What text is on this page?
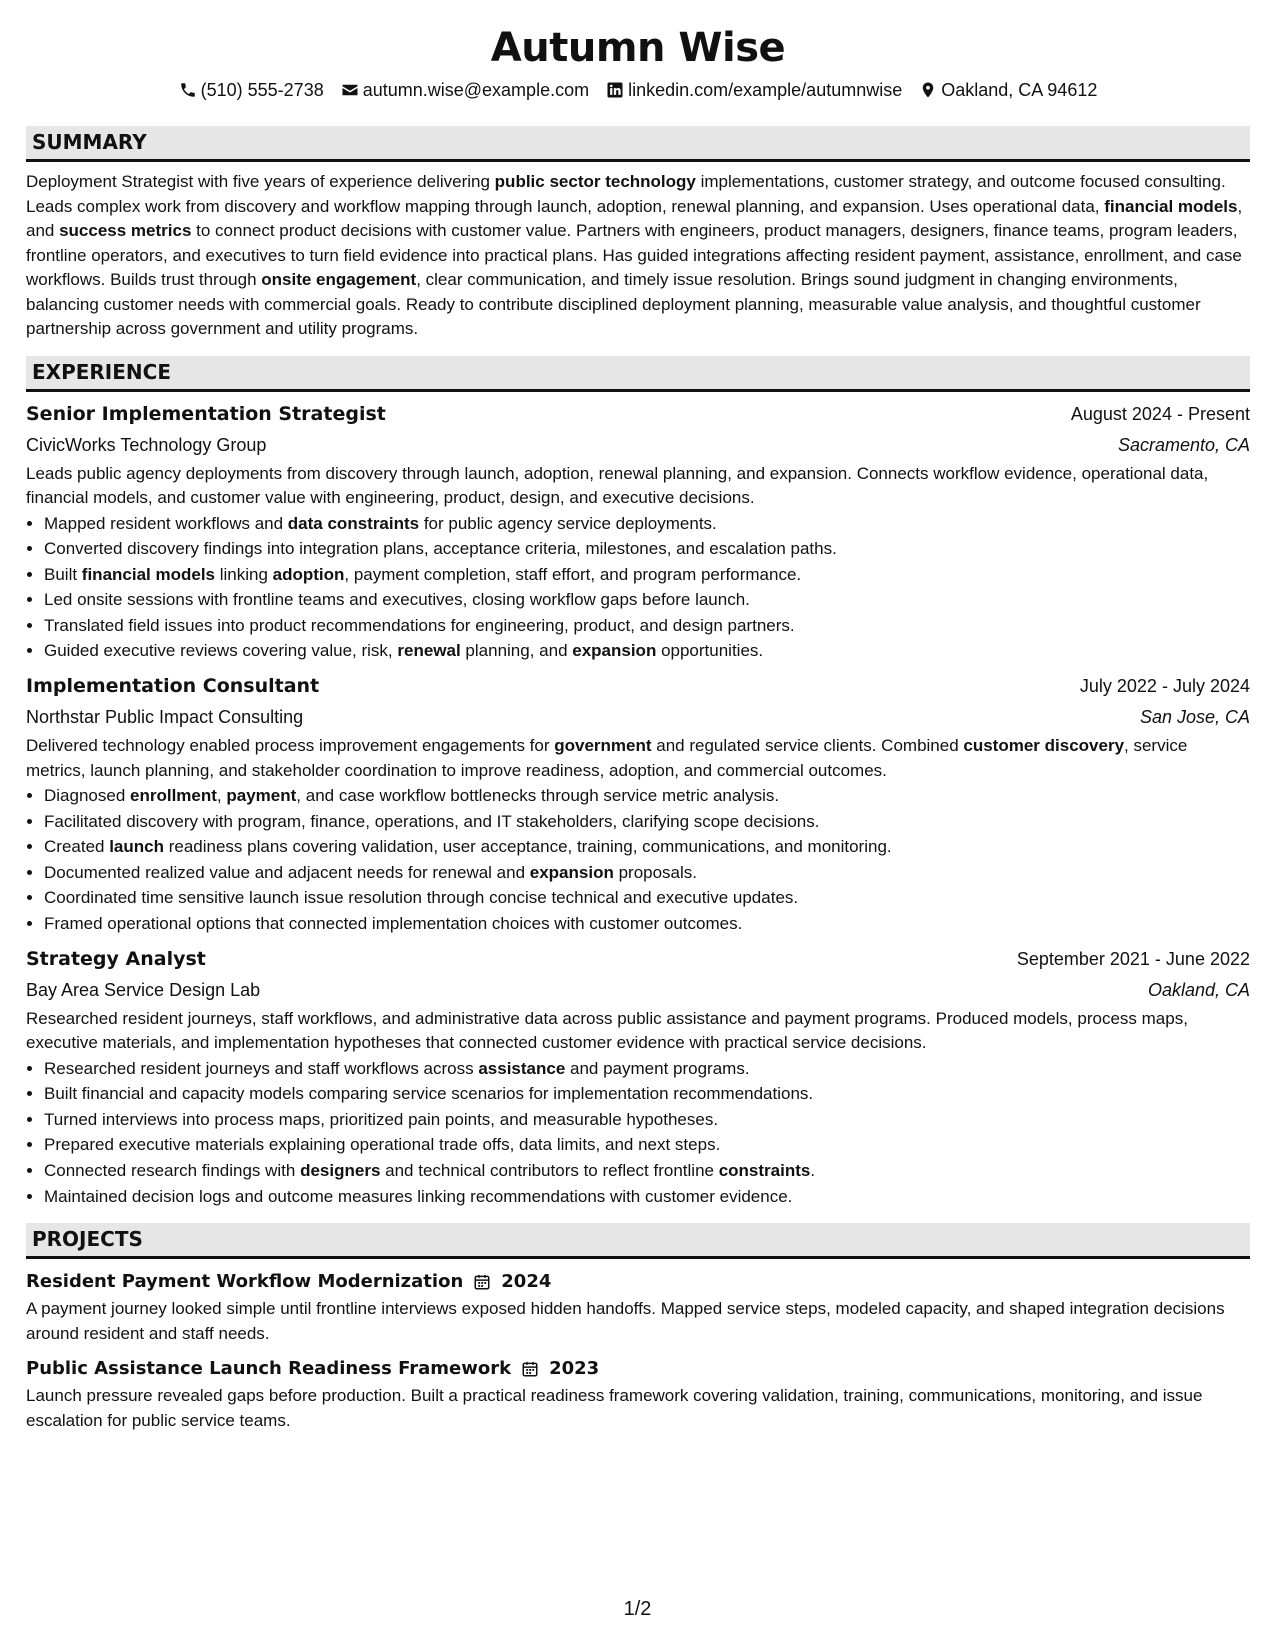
Autumn Wise
(510) 555-2738 autumn.wise@example.com linkedin.com/example/autumnwise Oakland, CA 94612
SUMMARY

Deployment Strategist with five years of experience delivering public sector technology implementations, customer strategy, and outcome focused consulting. Leads complex work from discovery and workflow mapping through launch, adoption, renewal planning, and expansion. Uses operational data, financial models, and success metrics to connect product decisions with customer value. Partners with engineers, product managers, designers, finance teams, program leaders, frontline operators, and executives to turn field evidence into practical plans. Has guided integrations affecting resident payment, assistance, enrollment, and case workflows. Builds trust through onsite engagement, clear communication, and timely issue resolution. Brings sound judgment in changing environments, balancing customer needs with commercial goals. Ready to contribute disciplined deployment planning, measurable value analysis, and thoughtful customer partnership across government and utility programs.

EXPERIENCE
Senior Implementation Strategist	August 2024 - Present
CivicWorks Technology Group	Sacramento, CA

Leads public agency deployments from discovery through launch, adoption, renewal planning, and expansion. Connects workflow evidence, operational data, financial models, and customer value with engineering, product, design, and executive decisions.

• Mapped resident workflows and data constraints for public agency service deployments.
• Converted discovery findings into integration plans, acceptance criteria, milestones, and escalation paths.
• Built financial models linking adoption, payment completion, staff effort, and program performance.
• Led onsite sessions with frontline teams and executives, closing workflow gaps before launch.
• Translated field issues into product recommendations for engineering, product, and design partners.
• Guided executive reviews covering value, risk, renewal planning, and expansion opportunities.
Implementation Consultant	July 2022 - July 2024
Northstar Public Impact Consulting	San Jose, CA

Delivered technology enabled process improvement engagements for government and regulated service clients. Combined customer discovery, service metrics, launch planning, and stakeholder coordination to improve readiness, adoption, and commercial outcomes.

• Diagnosed enrollment, payment, and case workflow bottlenecks through service metric analysis.
• Facilitated discovery with program, finance, operations, and IT stakeholders, clarifying scope decisions.
• Created launch readiness plans covering validation, user acceptance, training, communications, and monitoring.
• Documented realized value and adjacent needs for renewal and expansion proposals.
• Coordinated time sensitive launch issue resolution through concise technical and executive updates.
• Framed operational options that connected implementation choices with customer outcomes.
Strategy Analyst	September 2021 - June 2022
Bay Area Service Design Lab	Oakland, CA

Researched resident journeys, staff workflows, and administrative data across public assistance and payment programs. Produced models, process maps, executive materials, and implementation hypotheses that connected customer evidence with practical service decisions.

• Researched resident journeys and staff workflows across assistance and payment programs.
• Built financial and capacity models comparing service scenarios for implementation recommendations.
• Turned interviews into process maps, prioritized pain points, and measurable hypotheses.
• Prepared executive materials explaining operational trade offs, data limits, and next steps.
• Connected research findings with designers and technical contributors to reflect frontline constraints.
• Maintained decision logs and outcome measures linking recommendations with customer evidence.
PROJECTS
Resident Payment Workflow Modernization 2024

A payment journey looked simple until frontline interviews exposed hidden handoffs. Mapped service steps, modeled capacity, and shaped integration decisions around resident and staff needs.

Public Assistance Launch Readiness Framework 2023

Launch pressure revealed gaps before production. Built a practical readiness framework covering validation, training, communications, monitoring, and issue escalation for public service teams.

1/2
